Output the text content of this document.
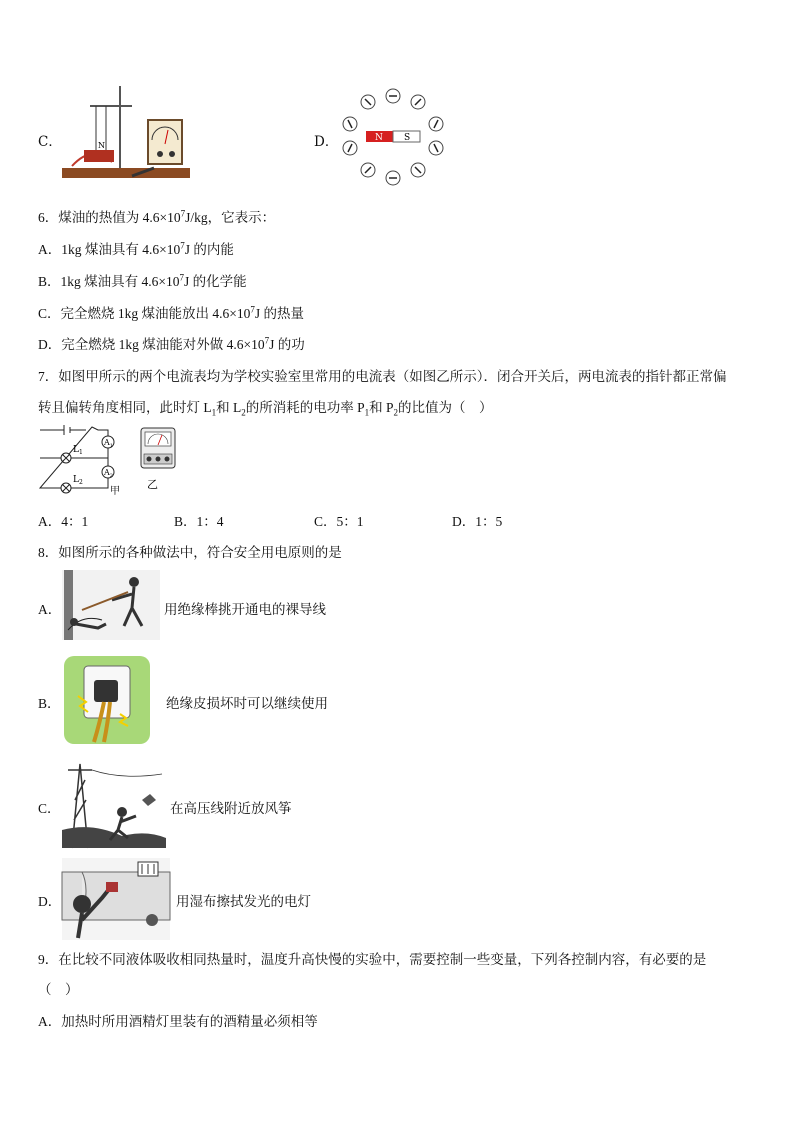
C．	N	D．	N S
6．煤油的热值为 $4.6\times 10^7J/kg$，它表示：
A．1kg 煤油具有 $4.6\times 10^7J$ 的内能
B．1kg 煤油具有 $4.6\times 10^7J$ 的化学能
C．完全燃烧 1kg 煤油能放出 $4.6\times 10^7J$ 的热量
D．完全燃烧 1kg 煤油能对外做 $4.6\times 10^7J$ 的功
7．如图甲所示的两个电流表均为学校实验室里常用的电流表（如图乙所示）．闭合开关后，两电流表的指针都正常偏
转且偏转角度相同，此时灯 $L_1$和 $L_2$的所消耗的电功率 $P_1$和 $P_2$的比值为（　）
$L_1$
$L_2$
$A_1$
$A_2$
甲
乙
A．4：1	B．1：4	C．5：1	D．1：5
8．如图所示的各种做法中，符合安全用电原则的是
A．	用绝缘棒挑开通电的裸导线
B．	绝缘皮损坏时可以继续使用
C．	在高压线附近放风筝
D．	用湿布擦拭发光的电灯
9．在比较不同液体吸收相同热量时，温度升高快慢的实验中，需要控制一些变量，下列各控制内容，有必要的是
（　）
A．加热时所用酒精灯里装有的酒精量必须相等
